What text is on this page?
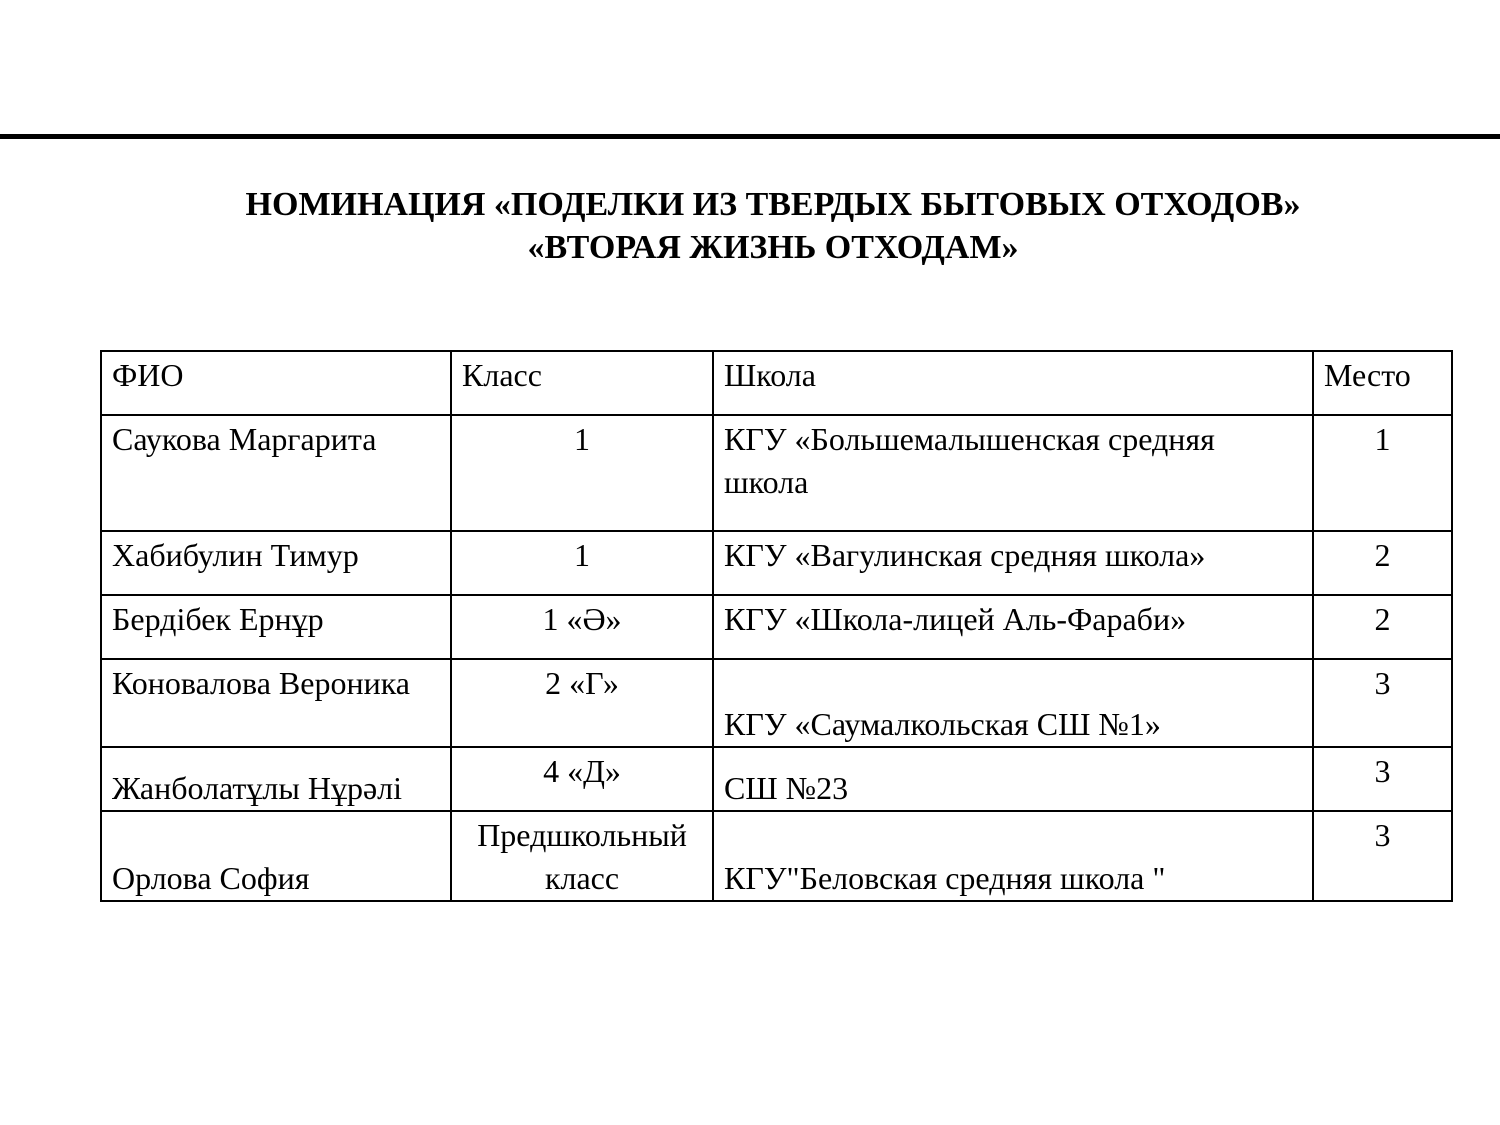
НОМИНАЦИЯ «ПОДЕЛКИ ИЗ ТВЕРДЫХ БЫТОВЫХ ОТХОДОВ»
«ВТОРАЯ ЖИЗНЬ ОТХОДАМ»
ФИО	Класс	Школа	Место
Саукова Маргарита	1	КГУ «Большемалышенская средняя школа	1
Хабибулин Тимур	1	КГУ «Вагулинская средняя школа»	2
Бердібек Ернұр	1 «Ә»	КГУ «Школа-лицей Аль-Фараби»	2
Коновалова Вероника	2 «Г»	КГУ «Саумалкольская СШ №1»	3
Жанболатұлы Нұрәлі	4 «Д»	СШ №23	3
Орлова София	Предшкольный класс	КГУ"Беловская средняя школа "	3
